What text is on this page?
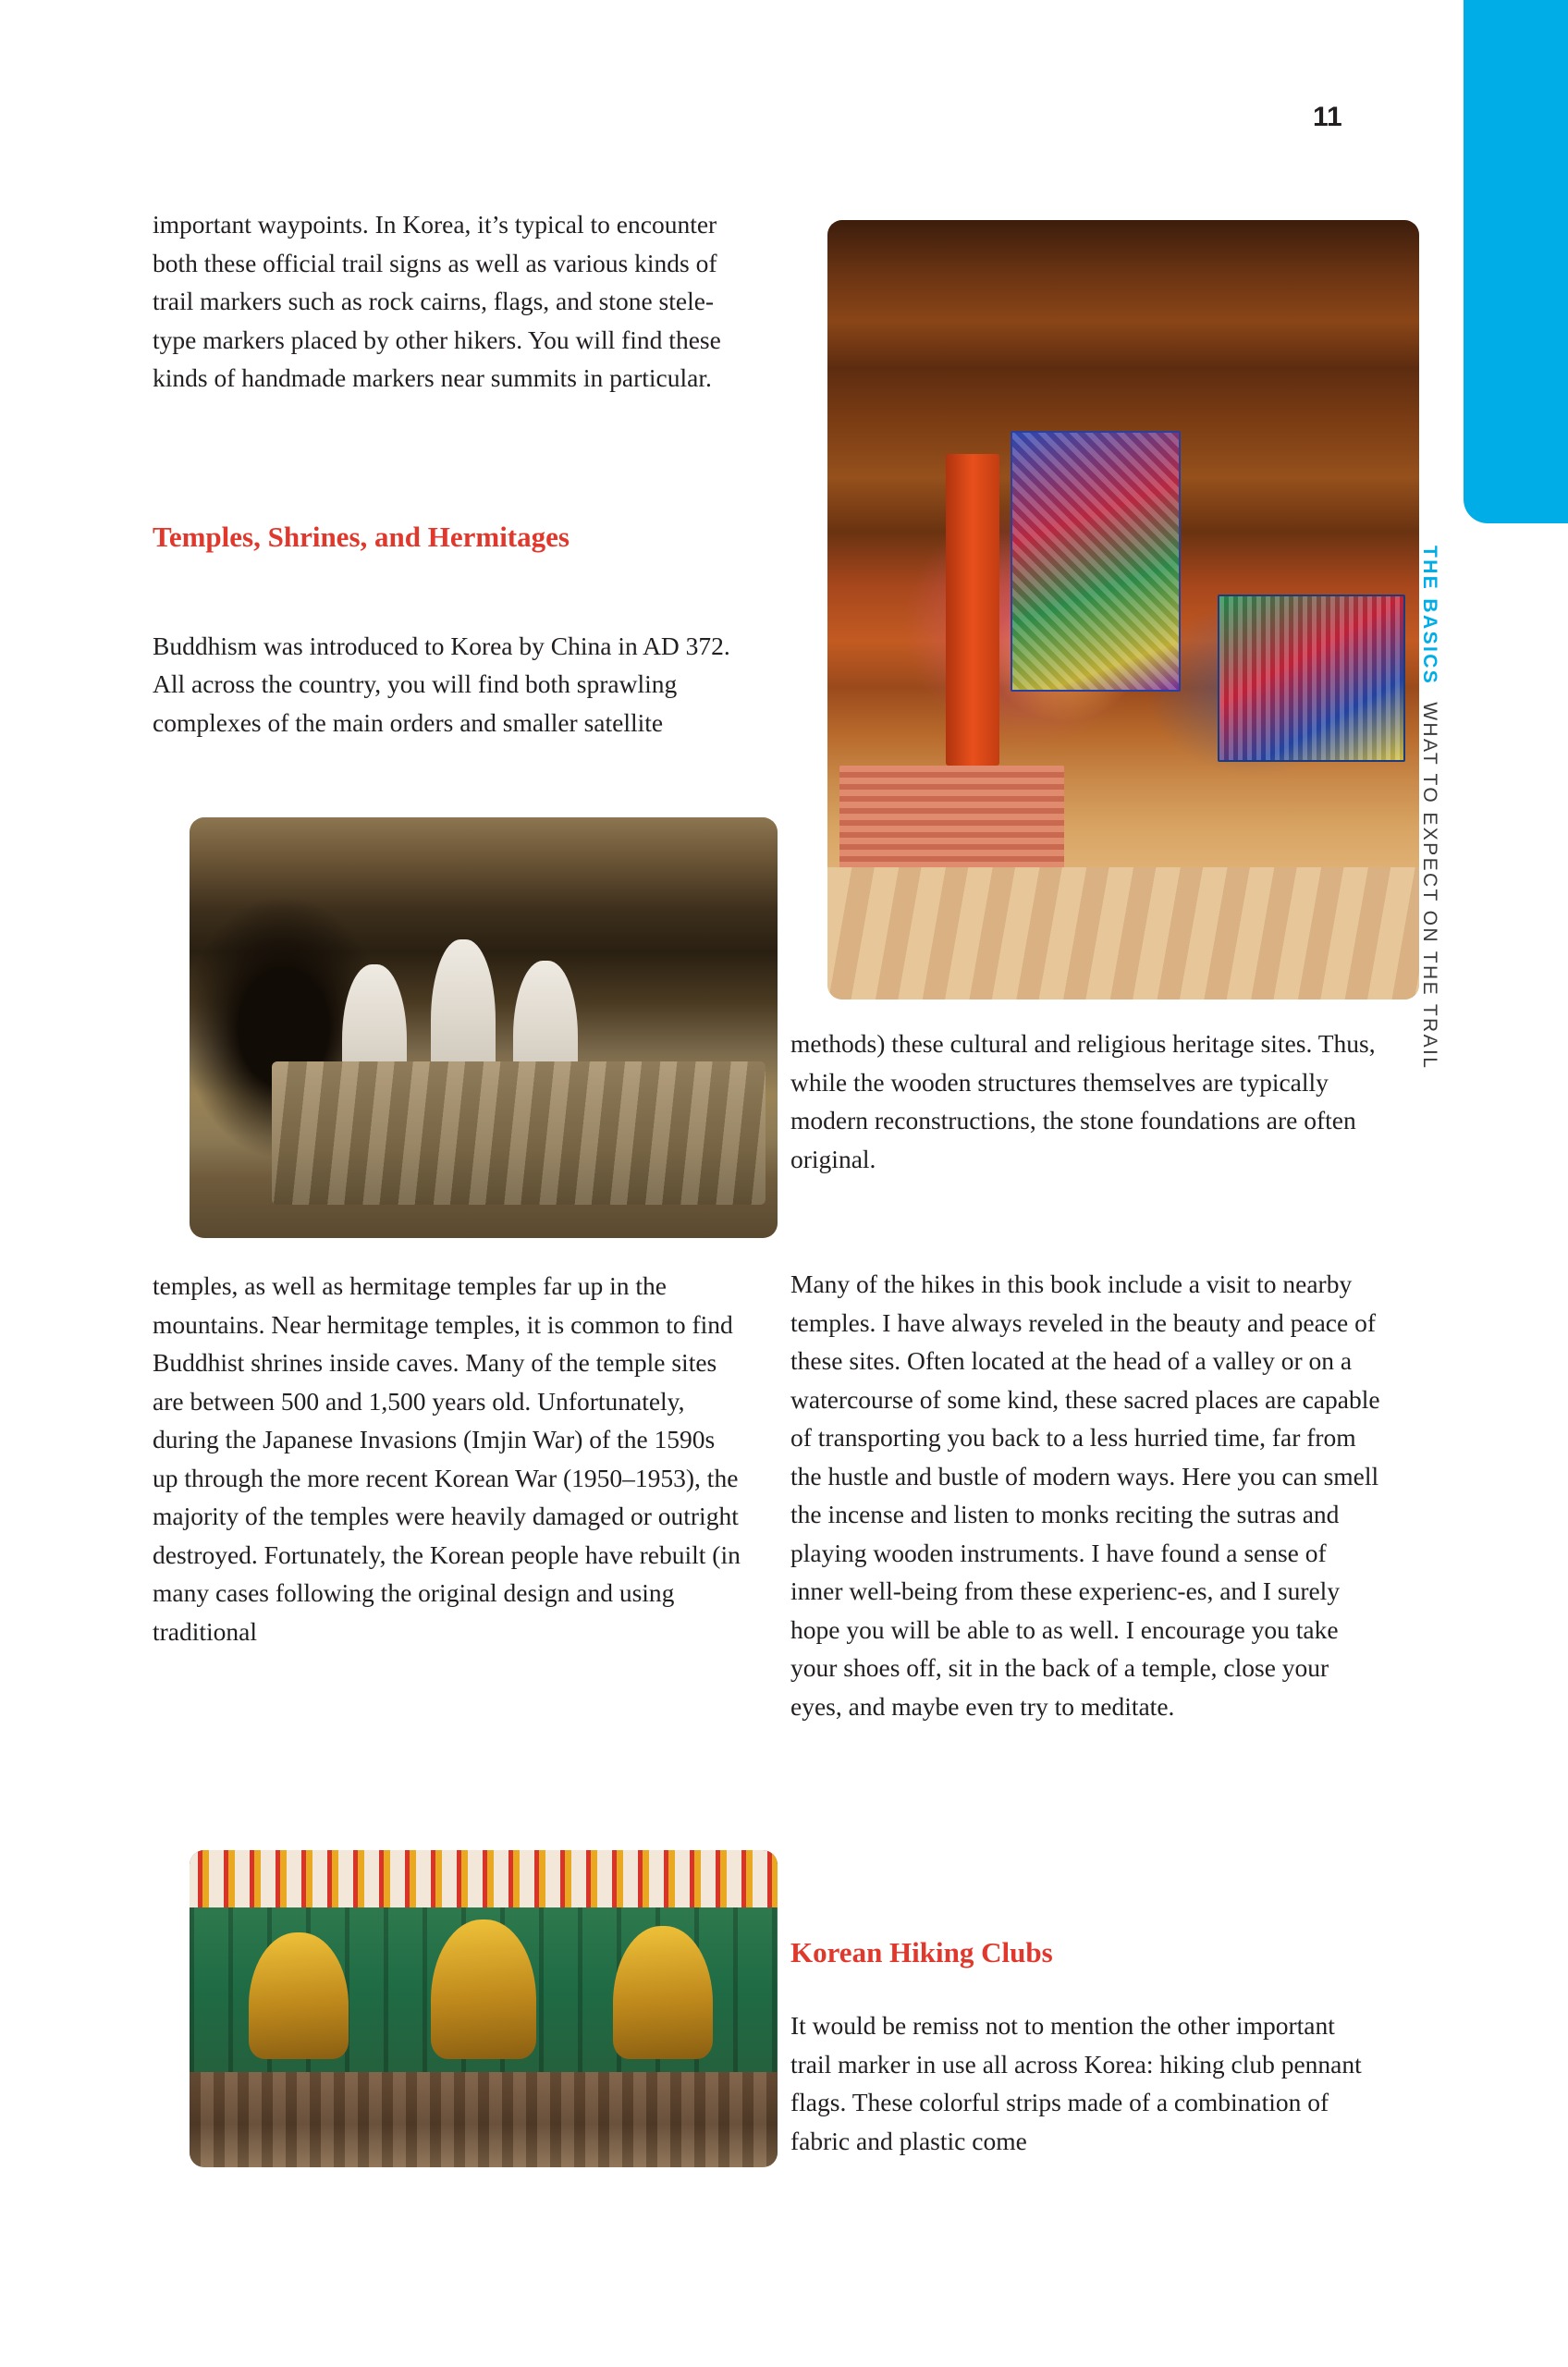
11
THE BASICS
WHAT TO EXPECT ON THE TRAIL

important waypoints. In Korea, it’s typical to encounter both these official trail signs as well as various kinds of trail markers such as rock cairns, flags, and stone stele-type markers placed by other hikers. You will find these kinds of handmade markers near summits in particular.

Temples, Shrines, and Hermitages

Buddhism was introduced to Korea by China in AD 372. All across the country, you will find both sprawling complexes of the main orders and smaller satellite

temples, as well as hermitage temples far up in the mountains. Near hermitage temples, it is common to find Buddhist shrines inside caves. Many of the temple sites are between 500 and 1,500 years old. Unfortunately, during the Japanese Invasions (Imjin War) of the 1590s up through the more recent Korean War (1950–1953), the majority of the temples were heavily damaged or outright destroyed. Fortunately, the Korean people have rebuilt (in many cases following the original design and using traditional

methods) these cultural and religious heritage sites. Thus, while the wooden structures themselves are typically modern reconstructions, the stone foundations are often original.

Many of the hikes in this book include a visit to nearby temples. I have always reveled in the beauty and peace of these sites. Often located at the head of a valley or on a watercourse of some kind, these sacred places are capable of transporting you back to a less hurried time, far from the hustle and bustle of modern ways. Here you can smell the incense and listen to monks reciting the sutras and playing wooden instruments. I have found a sense of inner well-being from these experienc-es, and I surely hope you will be able to as well. I encourage you take your shoes off, sit in the back of a temple, close your eyes, and maybe even try to meditate.

Korean Hiking Clubs

It would be remiss not to mention the other important trail marker in use all across Korea: hiking club pennant flags. These colorful strips made of a combination of fabric and plastic come
